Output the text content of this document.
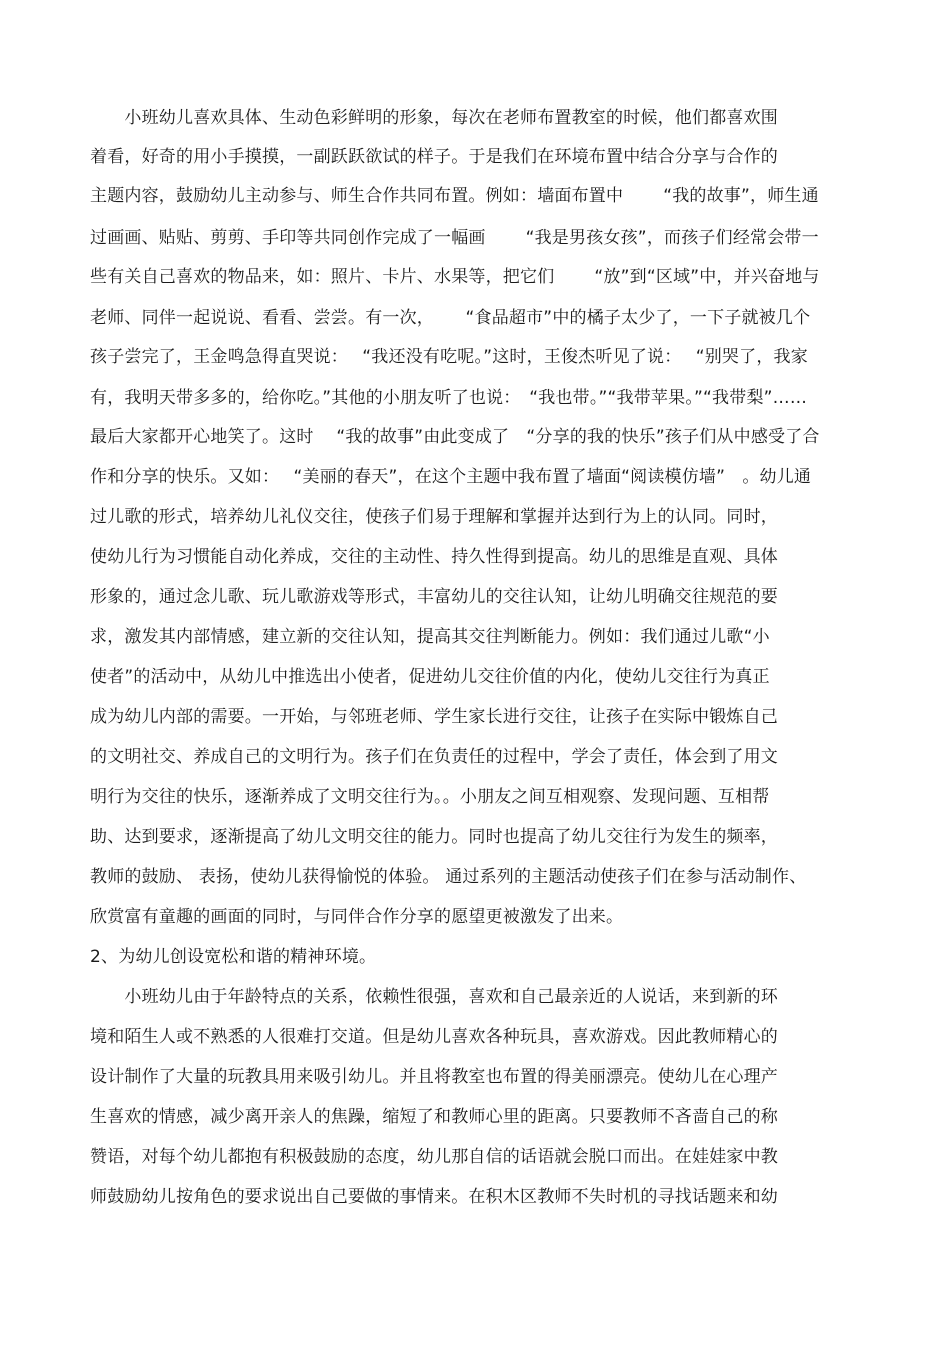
　　小班幼儿喜欢具体、生动色彩鲜明的形象，每次在老师布置教室的时候，他们都喜欢围
着看，好奇的用小手摸摸，一副跃跃欲试的样子。于是我们在环境布置中结合分享与合作的
主题内容，鼓励幼儿主动参与、师生合作共同布置。例如：墙面布置中　　 “我的故事”，师生通
过画画、贴贴、剪剪、手印等共同创作完成了一幅画　　 “我是男孩女孩”，而孩子们经常会带一
些有关自己喜欢的物品来，如：照片、卡片、水果等，把它们　　 “放”到“区域”中，并兴奋地与
老师、同伴一起说说、看看、尝尝。有一次，　　 “食品超市”中的橘子太少了，一下子就被几个
孩子尝完了，王金鸣急得直哭说：　 “我还没有吃呢。”这时，王俊杰听见了说：　 “别哭了，我家
有，我明天带多多的，给你吃。”其他的小朋友听了也说：　“我也带。”“我带苹果。”“我带梨”……
最后大家都开心地笑了。这时　 “我的故事”由此变成了　“分享的我的快乐”孩子们从中感受了合
作和分享的快乐。又如：　 “美丽的春天”，在这个主题中我布置了墙面“阅读模仿墙”　。幼儿通
过儿歌的形式，培养幼儿礼仪交往，使孩子们易于理解和掌握并达到行为上的认同。同时，
使幼儿行为习惯能自动化养成，交往的主动性、持久性得到提高。幼儿的思维是直观、具体
形象的，通过念儿歌、玩儿歌游戏等形式，丰富幼儿的交往认知，让幼儿明确交往规范的要
求，激发其内部情感，建立新的交往认知，提高其交往判断能力。例如：我们通过儿歌“小
使者”的活动中，从幼儿中推选出小使者，促进幼儿交往价值的内化，使幼儿交往行为真正
成为幼儿内部的需要。一开始，与邻班老师、学生家长进行交往，让孩子在实际中锻炼自己
的文明社交、养成自己的文明行为。孩子们在负责任的过程中，学会了责任，体会到了用文
明行为交往的快乐，逐渐养成了文明交往行为。。小朋友之间互相观察、发现问题、互相帮
助、达到要求，逐渐提高了幼儿文明交往的能力。同时也提高了幼儿交往行为发生的频率，
教师的鼓励、 表扬，使幼儿获得愉悦的体验。 通过系列的主题活动使孩子们在参与活动制作、
欣赏富有童趣的画面的同时，与同伴合作分享的愿望更被激发了出来。
2、为幼儿创设宽松和谐的精神环境。
　　小班幼儿由于年龄特点的关系，依赖性很强，喜欢和自己最亲近的人说话，来到新的环
境和陌生人或不熟悉的人很难打交道。但是幼儿喜欢各种玩具，喜欢游戏。因此教师精心的
设计制作了大量的玩教具用来吸引幼儿。并且将教室也布置的得美丽漂亮。使幼儿在心理产
生喜欢的情感，减少离开亲人的焦躁，缩短了和教师心里的距离。只要教师不吝啬自己的称
赞语，对每个幼儿都抱有积极鼓励的态度，幼儿那自信的话语就会脱口而出。在娃娃家中教
师鼓励幼儿按角色的要求说出自己要做的事情来。在积木区教师不失时机的寻找话题来和幼
